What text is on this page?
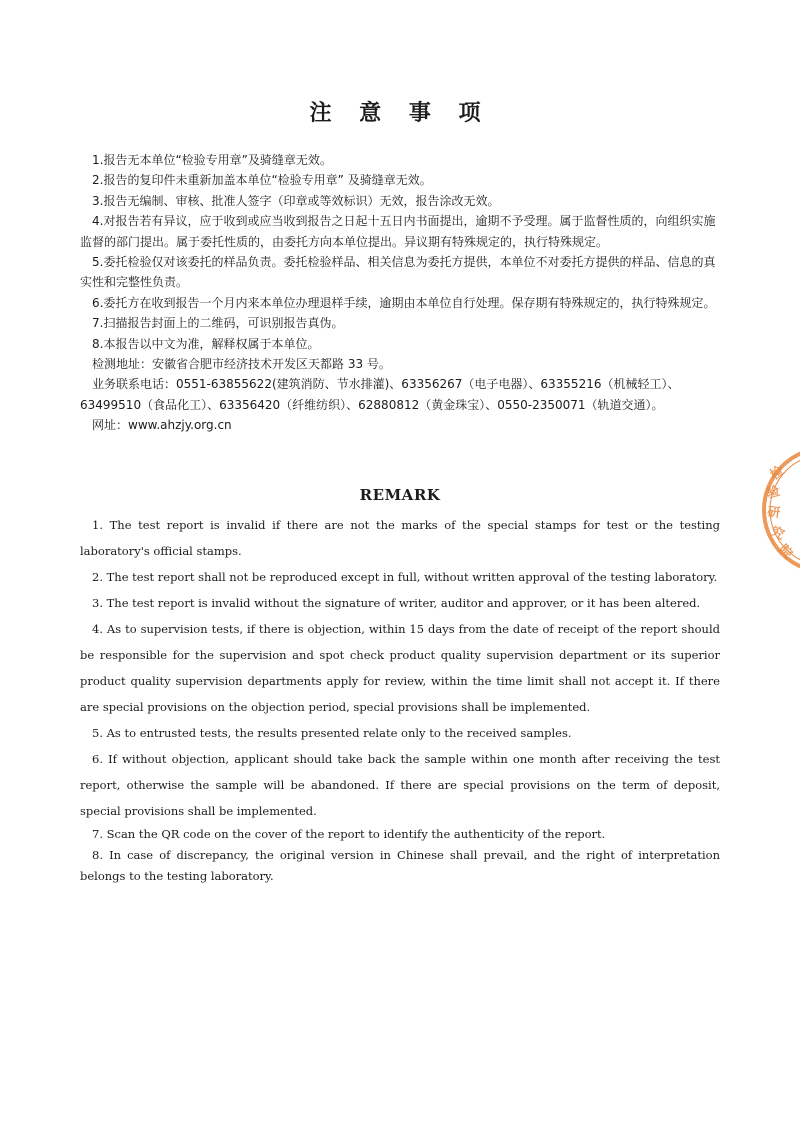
注 意 事 项
1.报告无本单位“检验专用章”及骑缝章无效。
2.报告的复印件未重新加盖本单位“检验专用章” 及骑缝章无效。
3.报告无编制、审核、批准人签字（印章或等效标识）无效，报告涂改无效。
4.对报告若有异议，应于收到或应当收到报告之日起十五日内书面提出，逾期不予受理。属于监督性质的，向组织实施监督的部门提出。属于委托性质的，由委托方向本单位提出。异议期有特殊规定的，执行特殊规定。
5.委托检验仅对该委托的样品负责。委托检验样品、相关信息为委托方提供，本单位不对委托方提供的样品、信息的真实性和完整性负责。
6.委托方在收到报告一个月内来本单位办理退样手续，逾期由本单位自行处理。保存期有特殊规定的，执行特殊规定。
7.扫描报告封面上的二维码，可识别报告真伪。
8.本报告以中文为准，解释权属于本单位。
检测地址：安徽省合肥市经济技术开发区天都路 33 号。
业务联系电话：0551-63855622(建筑消防、节水排灌)、63356267（电子电器）、63355216（机械轻工）、63499510（食品化工）、63356420（纤维纺织）、62880812（黄金珠宝）、0550-2350071（轨道交通）。
网址：www.ahzjy.org.cn
REMARK

1. The test report is invalid if there are not the marks of the special stamps for test or the testing laboratory's official stamps.

2. The test report shall not be reproduced except in full, without written approval of the testing laboratory.

3. The test report is invalid without the signature of writer, auditor and approver, or it has been altered.

4. As to supervision tests, if there is objection, within 15 days from the date of receipt of the report should be responsible for the supervision and spot check product quality supervision department or its superior product quality supervision departments apply for review, within the time limit shall not accept it. If there are special provisions on the objection period, special provisions shall be implemented.

5. As to entrusted tests, the results presented relate only to the received samples.

6. If without objection, applicant should take back the sample within one month after receiving the test report, otherwise the sample will be abandoned. If there are special provisions on the term of deposit, special provisions shall be implemented.

7. Scan the QR code on the cover of the report to identify the authenticity of the report.

8. In case of discrepancy, the original version in Chinese shall prevail, and the right of interpretation belongs to the testing laboratory.

检
验
研
究
院
